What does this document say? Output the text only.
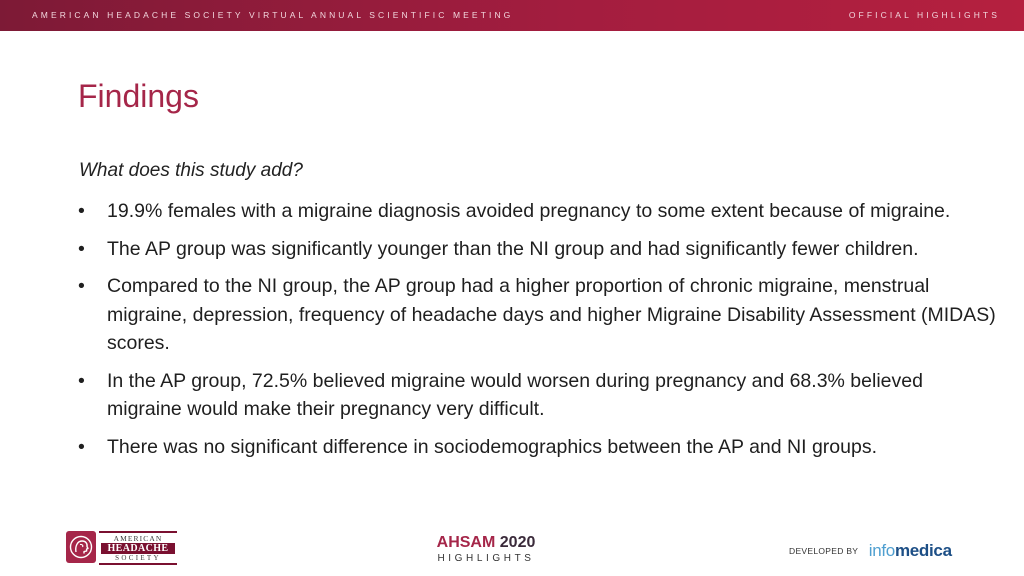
AMERICAN HEADACHE SOCIETY VIRTUAL ANNUAL SCIENTIFIC MEETING	OFFICIAL HIGHLIGHTS
Findings

What does this study add?

• 19.9% females with a migraine diagnosis avoided pregnancy to some extent because of migraine.
• The AP group was significantly younger than the NI group and had significantly fewer children.
• Compared to the NI group, the AP group had a higher proportion of chronic migraine, menstrual migraine, depression, frequency of headache days and higher Migraine Disability Assessment (MIDAS) scores.
• In the AP group, 72.5% believed migraine would worsen during pregnancy and 68.3% believed migraine would make their pregnancy very difficult.
• There was no significant difference in sociodemographics between the AP and NI groups.
AMERICAN
HEADACHE
SOCIETY
AHSAM 2020
HIGHLIGHTS
DEVELOPED BY infomedica
